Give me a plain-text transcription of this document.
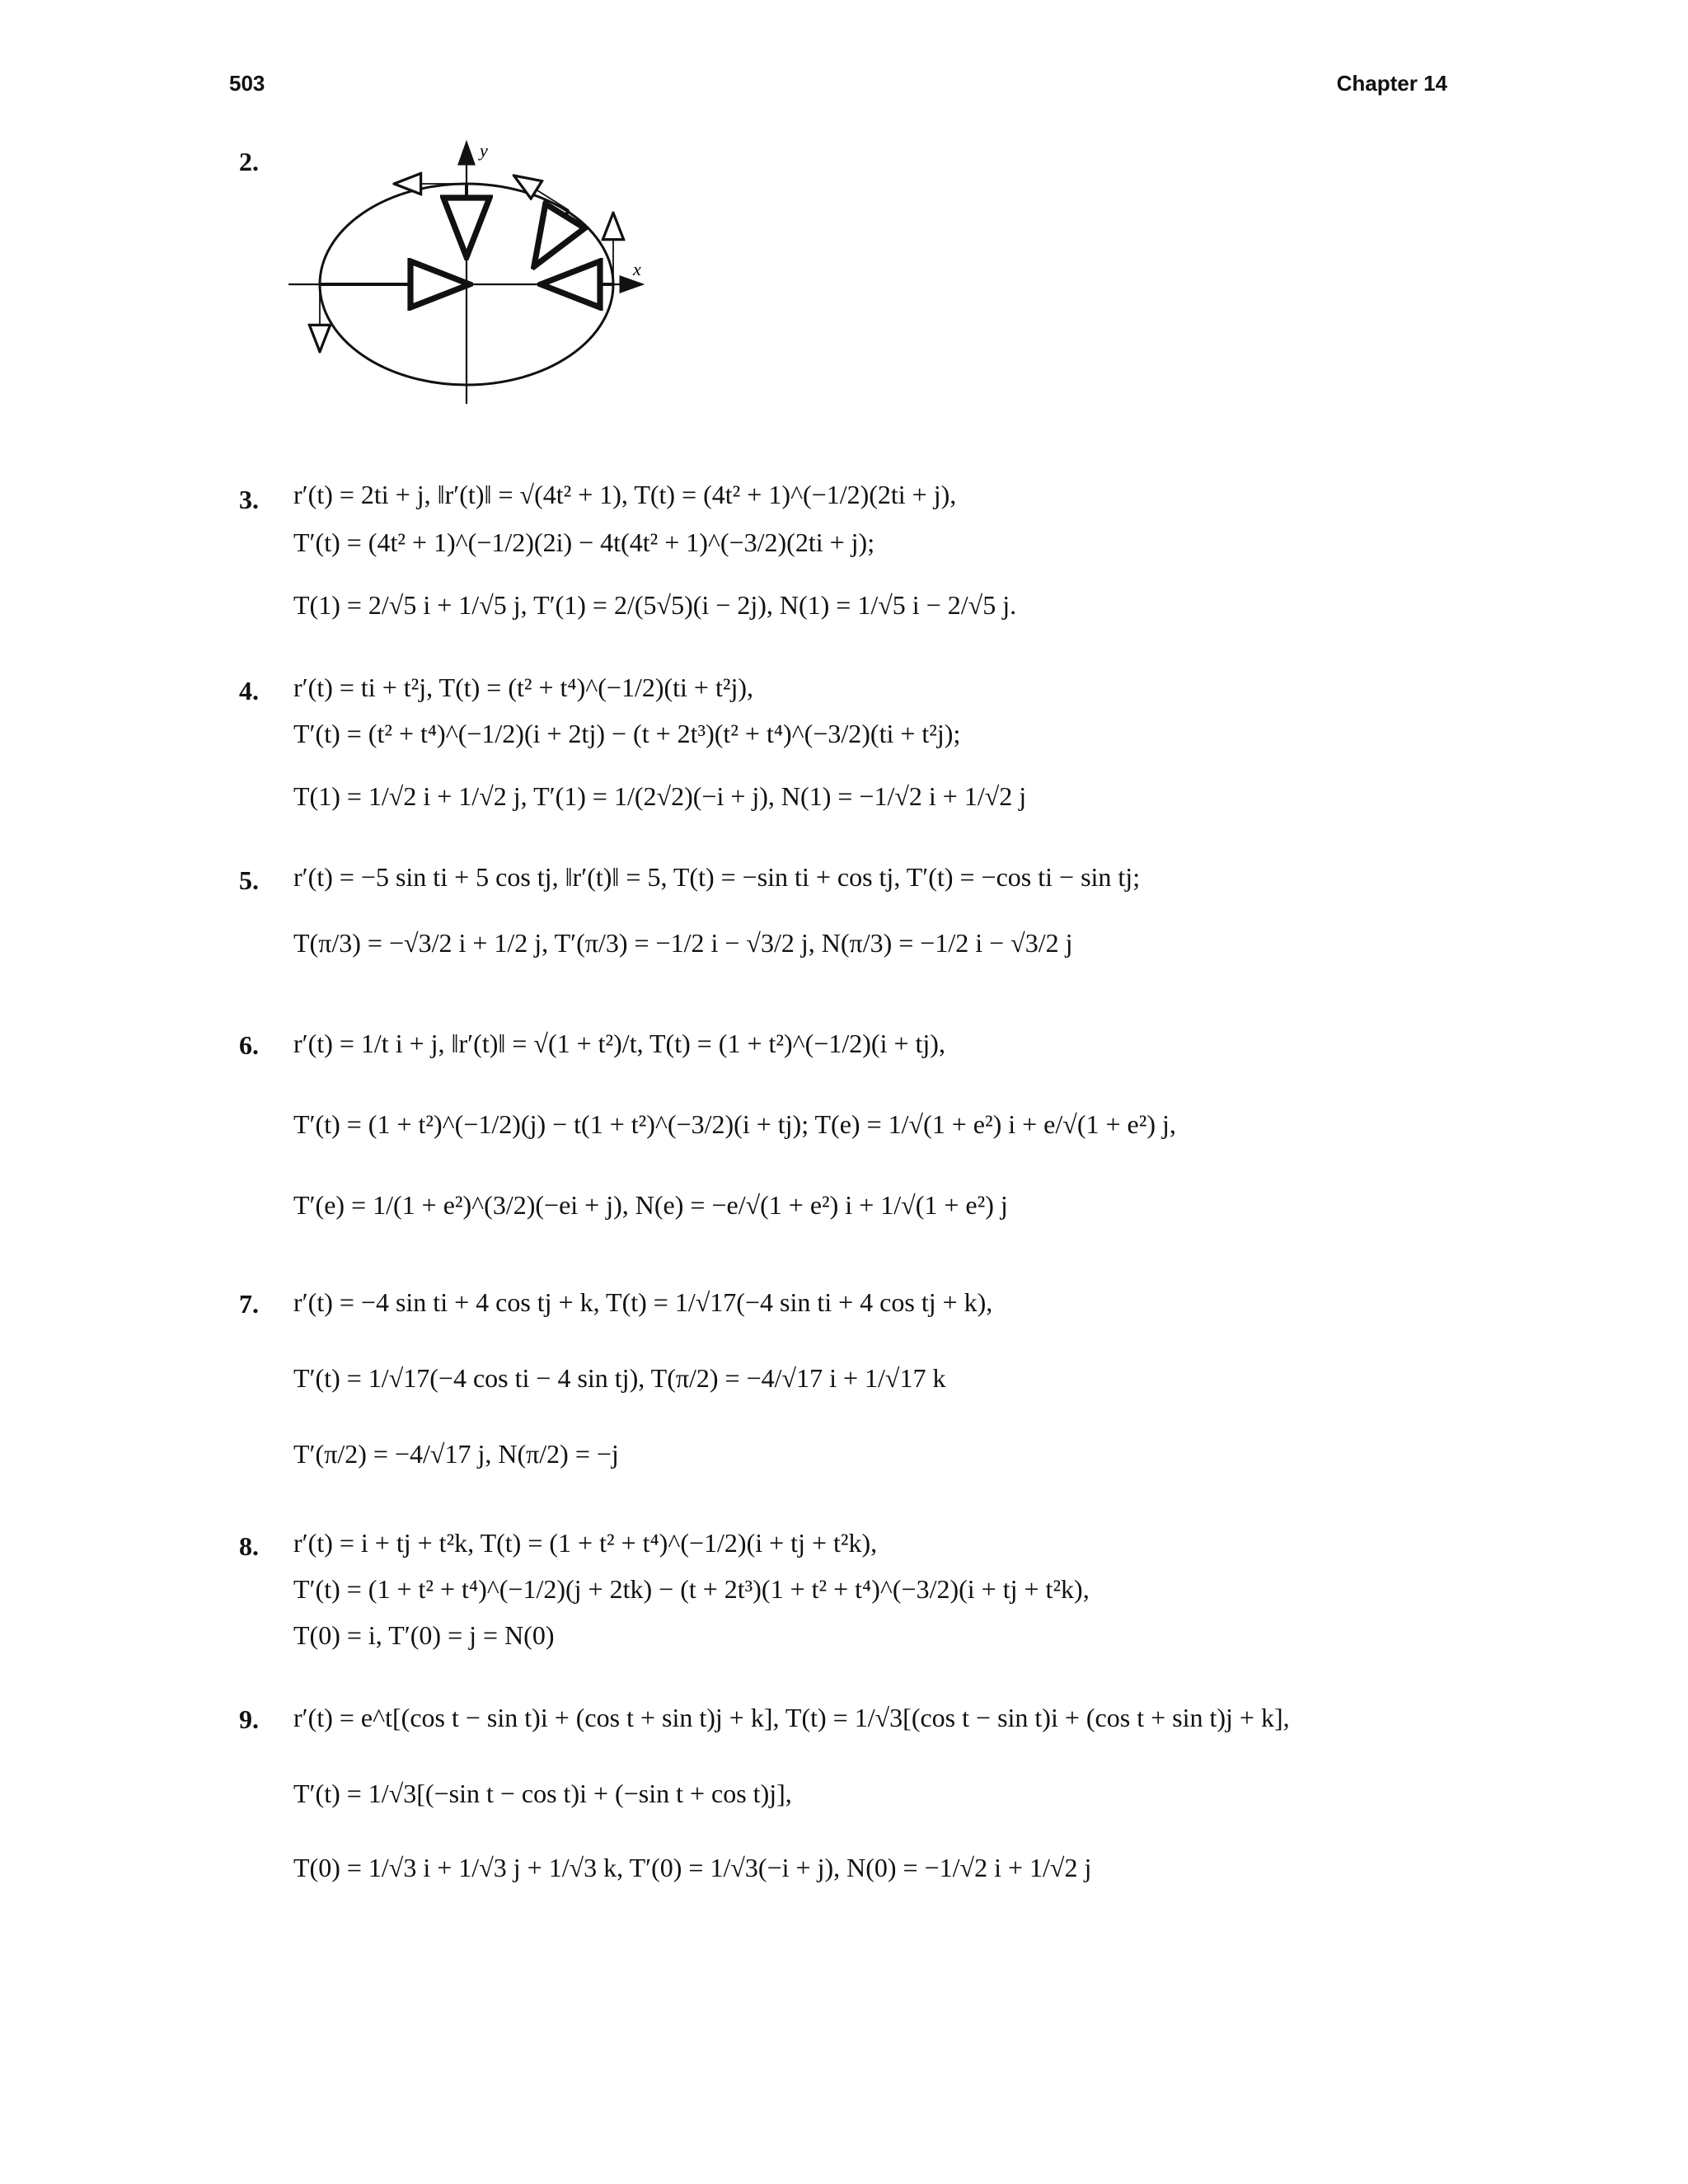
503	Chapter 14
2.	y
x
3. r′(t) = 2ti + j, ‖r′(t)‖ = √(4t² + 1), T(t) = (4t² + 1)^(−1/2)(2ti + j),
T′(t) = (4t² + 1)^(−1/2)(2i) − 4t(4t² + 1)^(−3/2)(2ti + j);
T(1) = 2/√5 i + 1/√5 j, T′(1) = 2/(5√5)(i − 2j), N(1) = 1/√5 i − 2/√5 j.
4. r′(t) = ti + t²j, T(t) = (t² + t⁴)^(−1/2)(ti + t²j),
T′(t) = (t² + t⁴)^(−1/2)(i + 2tj) − (t + 2t³)(t² + t⁴)^(−3/2)(ti + t²j);
T(1) = 1/√2 i + 1/√2 j, T′(1) = 1/(2√2)(−i + j), N(1) = −1/√2 i + 1/√2 j
5. r′(t) = −5 sin ti + 5 cos tj, ‖r′(t)‖ = 5, T(t) = −sin ti + cos tj, T′(t) = −cos ti − sin tj;
T(π/3) = −√3/2 i + 1/2 j, T′(π/3) = −1/2 i − √3/2 j, N(π/3) = −1/2 i − √3/2 j
6. r′(t) = 1/t i + j, ‖r′(t)‖ = √(1 + t²)/t, T(t) = (1 + t²)^(−1/2)(i + tj),
T′(t) = (1 + t²)^(−1/2)(j) − t(1 + t²)^(−3/2)(i + tj); T(e) = 1/√(1 + e²) i + e/√(1 + e²) j,
T′(e) = 1/(1 + e²)^(3/2)(−ei + j), N(e) = −e/√(1 + e²) i + 1/√(1 + e²) j
7. r′(t) = −4 sin ti + 4 cos tj + k, T(t) = 1/√17(−4 sin ti + 4 cos tj + k),
T′(t) = 1/√17(−4 cos ti − 4 sin tj), T(π/2) = −4/√17 i + 1/√17 k
T′(π/2) = −4/√17 j, N(π/2) = −j
8. r′(t) = i + tj + t²k, T(t) = (1 + t² + t⁴)^(−1/2)(i + tj + t²k),
T′(t) = (1 + t² + t⁴)^(−1/2)(j + 2tk) − (t + 2t³)(1 + t² + t⁴)^(−3/2)(i + tj + t²k),
T(0) = i, T′(0) = j = N(0)
9. r′(t) = e^t[(cos t − sin t)i + (cos t + sin t)j + k], T(t) = 1/√3[(cos t − sin t)i + (cos t + sin t)j + k],
T′(t) = 1/√3[(−sin t − cos t)i + (−sin t + cos t)j],
T(0) = 1/√3 i + 1/√3 j + 1/√3 k, T′(0) = 1/√3(−i + j), N(0) = −1/√2 i + 1/√2 j
